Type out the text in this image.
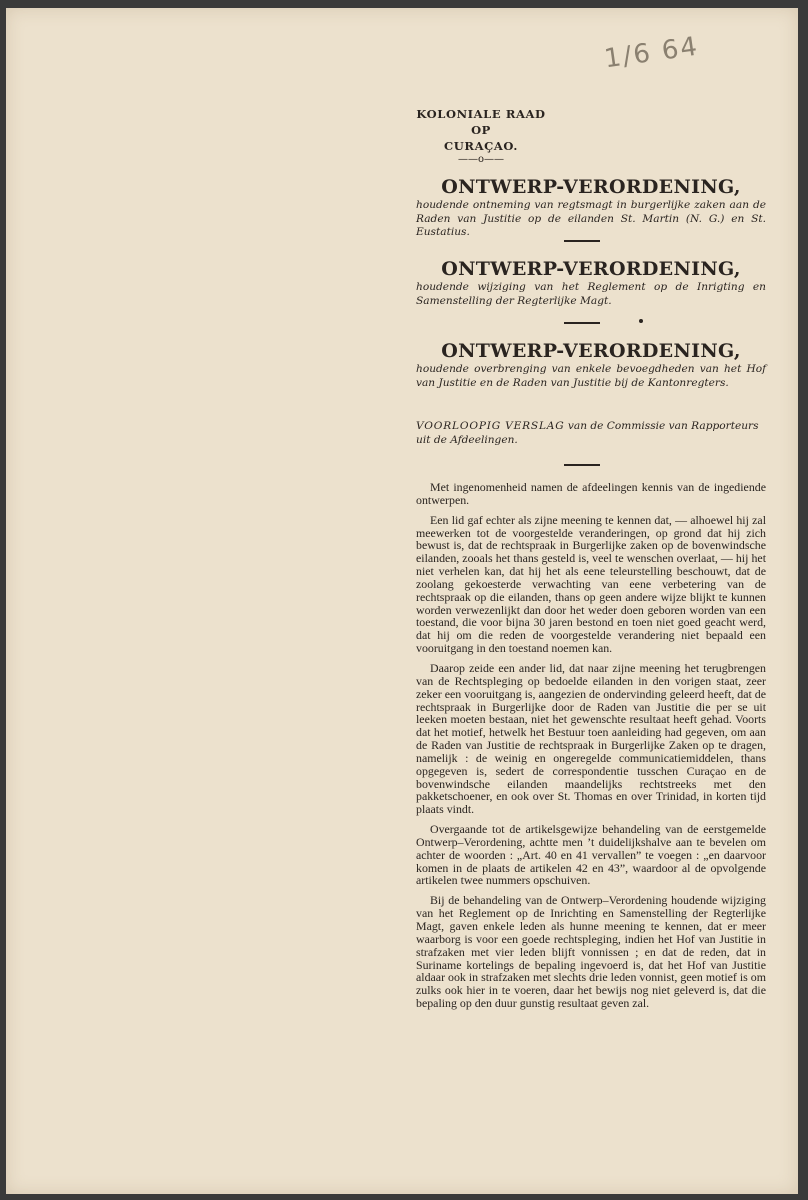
1/6 64
KOLONIALE RAAD
OP
CURAÇAO.
——o——
ONTWERP-VERORDENING,
houdende ontneming van regtsmagt in burgerlijke zaken aan de Raden van Justitie op de eilanden St. Martin (N. G.) en St. Eustatius.
ONTWERP-VERORDENING,
houdende wijziging van het Reglement op de Inrigting en Samenstelling der Regterlijke Magt.
ONTWERP-VERORDENING,
houdende overbrenging van enkele bevoegdheden van het Hof van Justitie en de Raden van Justitie bij de Kantonregters.
VOORLOOPIG VERSLAG van de Commissie van Rapporteurs uit de Afdeelingen.

Met ingenomenheid namen de afdeelingen kennis van de ingediende ontwerpen.

Een lid gaf echter als zijne meening te kennen dat, — alhoewel hij zal meewerken tot de voorgestelde veranderingen, op grond dat hij zich bewust is, dat de rechtspraak in Burgerlijke zaken op de bovenwindsche eilanden, zooals het thans gesteld is, veel te wenschen overlaat, — hij het niet verhelen kan, dat hij het als eene teleurstelling beschouwt, dat de zoolang gekoesterde verwachting van eene verbetering van de rechtspraak op die eilanden, thans op geen andere wijze blijkt te kunnen worden verwezenlijkt dan door het weder doen geboren worden van een toestand, die voor bijna 30 jaren bestond en toen niet goed geacht werd, dat hij om die reden de voorgestelde verandering niet bepaald een vooruitgang in den toestand noemen kan.

Daarop zeide een ander lid, dat naar zijne meening het terugbrengen van de Rechtspleging op bedoelde eilanden in den vorigen staat, zeer zeker een vooruitgang is, aangezien de ondervinding geleerd heeft, dat de rechtspraak in Burgerlijke door de Raden van Justitie die per se uit leeken moeten bestaan, niet het gewenschte resultaat heeft gehad. Voorts dat het motief, hetwelk het Bestuur toen aanleiding had gegeven, om aan de Raden van Justitie de rechtspraak in Burgerlijke Zaken op te dragen, namelijk : de weinig en ongeregelde communicatiemiddelen, thans opgegeven is, sedert de correspondentie tusschen Curaçao en de bovenwindsche eilanden maandelijks rechtstreeks met den pakketschoener, en ook over St. Thomas en over Trinidad, in korten tijd plaats vindt.

Overgaande tot de artikelsgewijze behandeling van de eerstgemelde Ontwerp–Verordening, achtte men ’t duidelijkshalve aan te bevelen om achter de woorden : „Art. 40 en 41 vervallen” te voegen : „en daarvoor komen in de plaats de artikelen 42 en 43”, waardoor al de opvolgende artikelen twee nummers opschuiven.

Bij de behandeling van de Ontwerp–Verordening houdende wijziging van het Reglement op de Inrichting en Samenstelling der Regterlijke Magt, gaven enkele leden als hunne meening te kennen, dat er meer waarborg is voor een goede rechtspleging, indien het Hof van Justitie in strafzaken met vier leden blijft vonnissen ; en dat de reden, dat in Suriname kortelings de bepaling ingevoerd is, dat het Hof van Justitie aldaar ook in strafzaken met slechts drie leden vonnist, geen motief is om zulks ook hier in te voeren, daar het bewijs nog niet geleverd is, dat die bepaling op den duur gunstig resultaat geven zal.
